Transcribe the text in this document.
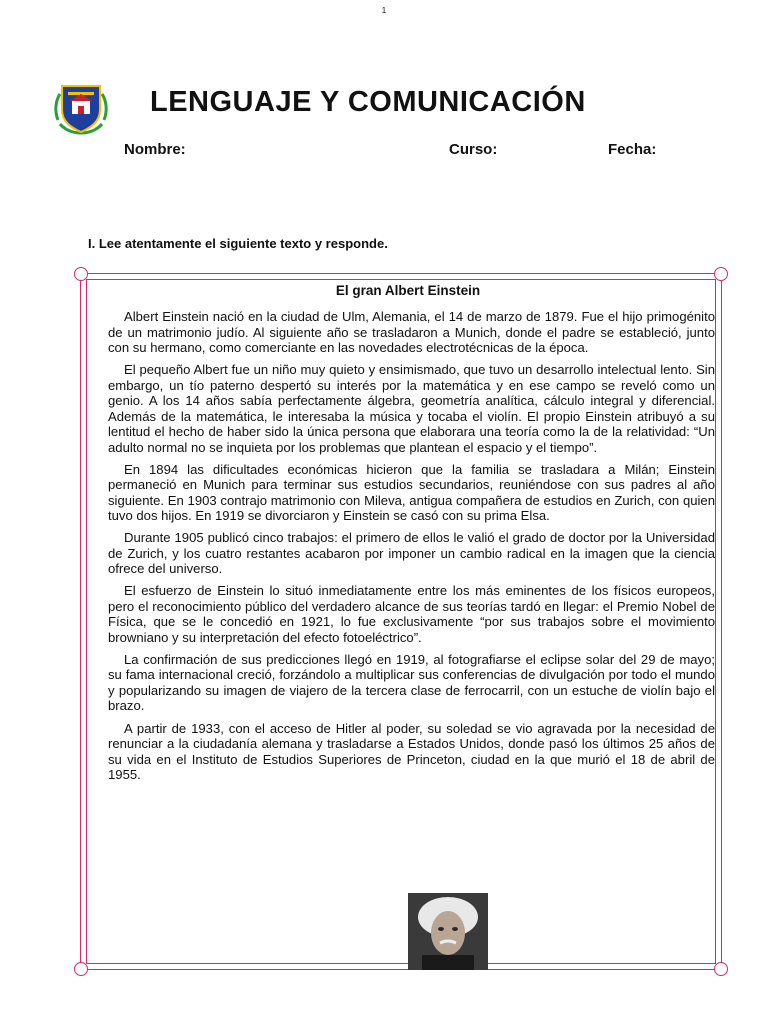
1
LENGUAJE Y COMUNICACIÓN
Nombre:	Curso:	Fecha:
I. Lee atentamente el siguiente texto y responde.
El gran Albert Einstein

Albert Einstein nació en la ciudad de Ulm, Alemania, el 14 de marzo de 1879. Fue el hijo primogénito de un matrimonio judío. Al siguiente año se trasladaron a Munich, donde el padre se estableció, junto con su hermano, como comerciante en las novedades electrotécnicas de la época.

El pequeño Albert fue un niño muy quieto y ensimismado, que tuvo un desarrollo intelectual lento. Sin embargo, un tío paterno despertó su interés por la matemática y en ese campo se reveló como un genio. A los 14 años sabía perfectamente álgebra, geometría analítica, cálculo integral y diferencial. Además de la matemática, le interesaba la música y tocaba el violín. El propio Einstein atribuyó a su lentitud el hecho de haber sido la única persona que elaborara una teoría como la de la relatividad: “Un adulto normal no se inquieta por los problemas que plantean el espacio y el tiempo”.

En 1894 las dificultades económicas hicieron que la familia se trasladara a Milán; Einstein permaneció en Munich para terminar sus estudios secundarios, reuniéndose con sus padres al año siguiente. En 1903 contrajo matrimonio con Mileva, antigua compañera de estudios en Zurich, con quien tuvo dos hijos. En 1919 se divorciaron y Einstein se casó con su prima Elsa.

Durante 1905 publicó cinco trabajos: el primero de ellos le valió el grado de doctor por la Universidad de Zurich, y los cuatro restantes acabaron por imponer un cambio radical en la imagen que la ciencia ofrece del universo.

El esfuerzo de Einstein lo situó inmediatamente entre los más eminentes de los físicos europeos, pero el reconocimiento público del verdadero alcance de sus teorías tardó en llegar: el Premio Nobel de Física, que se le concedió en 1921, lo fue exclusivamente “por sus trabajos sobre el movimiento browniano y su interpretación del efecto fotoeléctrico”.

La confirmación de sus predicciones llegó en 1919, al fotografiarse el eclipse solar del 29 de mayo; su fama internacional creció, forzándolo a multiplicar sus conferencias de divulgación por todo el mundo y popularizando su imagen de viajero de la tercera clase de ferrocarril, con un estuche de violín bajo el brazo.

A partir de 1933, con el acceso de Hitler al poder, su soledad se vio agravada por la necesidad de renunciar a la ciudadanía alemana y trasladarse a Estados Unidos, donde pasó los últimos 25 años de su vida en el Instituto de Estudios Superiores de Princeton, ciudad en la que murió el 18 de abril de 1955.
